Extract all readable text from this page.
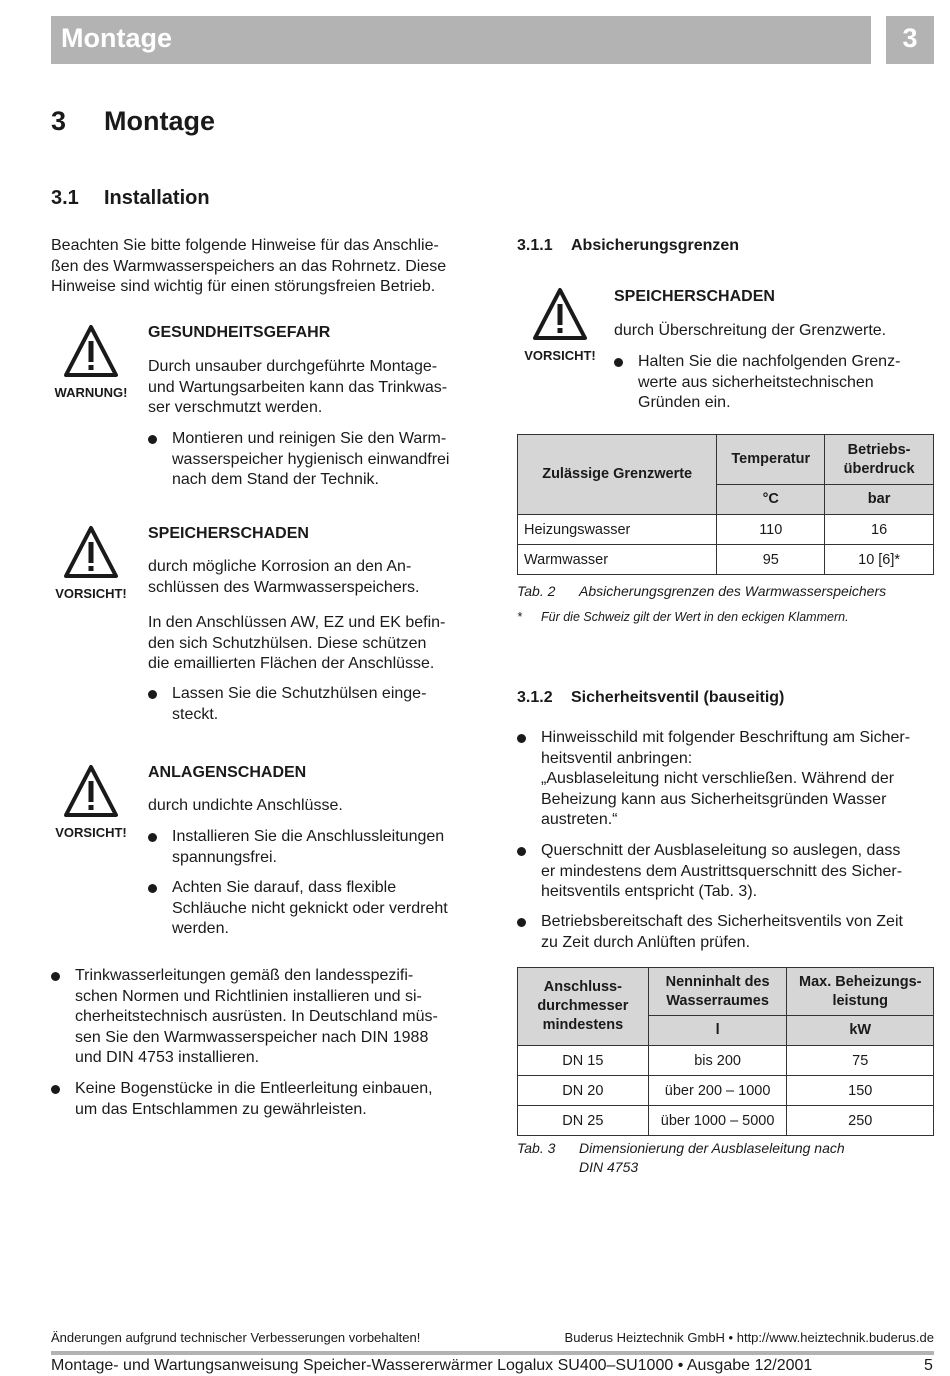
Montage	3
3 Montage
3.1 Installation
Beachten Sie bitte folgende Hinweise für das Anschlie-
ßen des Warmwasserspeichers an das Rohrnetz. Diese
Hinweise sind wichtig für einen störungsfreien Betrieb.
WARNUNG!
GESUNDHEITSGEFAHR
Durch unsauber durchgeführte Montage-
und Wartungsarbeiten kann das Trinkwas-
ser verschmutzt werden.
Montieren und reinigen Sie den Warm-
wasserspeicher hygienisch einwandfrei
nach dem Stand der Technik.
VORSICHT!
SPEICHERSCHADEN
durch mögliche Korrosion an den An-
schlüssen des Warmwasserspeichers.
In den Anschlüssen AW, EZ und EK befin-
den sich Schutzhülsen. Diese schützen
die emaillierten Flächen der Anschlüsse.
Lassen Sie die Schutzhülsen einge-
steckt.
VORSICHT!
ANLAGENSCHADEN
durch undichte Anschlüsse.
Installieren Sie die Anschlussleitungen
spannungsfrei.
Achten Sie darauf, dass flexible
Schläuche nicht geknickt oder verdreht
werden.
Trinkwasserleitungen gemäß den landesspezifi-
schen Normen und Richtlinien installieren und si-
cherheitstechnisch ausrüsten. In Deutschland müs-
sen Sie den Warmwasserspeicher nach DIN 1988
und DIN 4753 installieren.
Keine Bogenstücke in die Entleerleitung einbauen,
um das Entschlammen zu gewährleisten.
3.1.1 Absicherungsgrenzen
VORSICHT!
SPEICHERSCHADEN
durch Überschreitung der Grenzwerte.
Halten Sie die nachfolgenden Grenz-
werte aus sicherheitstechnischen
Gründen ein.
Zulässige Grenzwerte	Temperatur	Betriebs-
überdruck
	°C	bar
Heizungswasser	110	16
Warmwasser	95	10 [6]*
Tab. 2 Absicherungsgrenzen des Warmwasserspeichers
* Für die Schweiz gilt der Wert in den eckigen Klammern.
3.1.2 Sicherheitsventil (bauseitig)
Hinweisschild mit folgender Beschriftung am Sicher-
heitsventil anbringen:
„Ausblaseleitung nicht verschließen. Während der
Beheizung kann aus Sicherheitsgründen Wasser
austreten.“
Querschnitt der Ausblaseleitung so auslegen, dass
er mindestens dem Austrittsquerschnitt des Sicher-
heitsventils entspricht (Tab. 3).
Betriebsbereitschaft des Sicherheitsventils von Zeit
zu Zeit durch Anlüften prüfen.
Anschluss-
durchmesser
mindestens	Nenninhalt des
Wasserraumes	Max. Beheizungs-
leistung
	l	kW
DN 15	bis 200	75
DN 20	über 200 – 1000	150
DN 25	über 1000 – 5000	250
Tab. 3	Dimensionierung der Ausblaseleitung nach
DIN 4753
Änderungen aufgrund technischer Verbesserungen vorbehalten!	Buderus Heiztechnik GmbH • http://www.heiztechnik.buderus.de
Montage- und Wartungsanweisung Speicher-Wassererwärmer Logalux SU400–SU1000 • Ausgabe 12/2001	5
